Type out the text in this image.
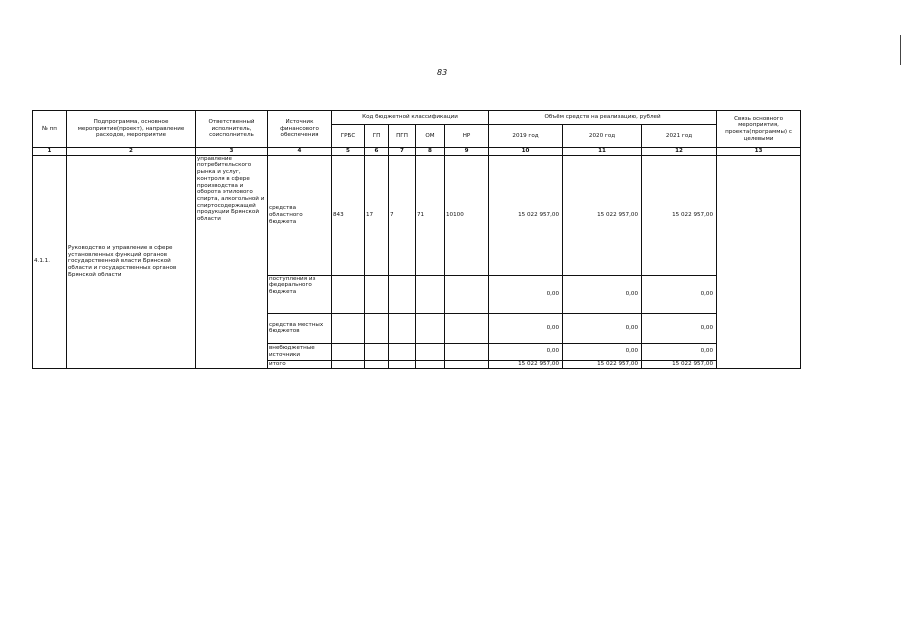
83
№ пп	Подпрограмма, основное мероприятие(проект), направление расходов, мероприятие	Ответственный исполнитель, соисполнитель	Источник финансового обеспечения	Код бюджетной классификации					Объём средств на реализацию, рублей			Связь основного мероприятия, проекта(программы) с целевыми
				ГРБС	ГП	ПГП	ОМ	НР	2019 год	2020 год	2021 год	
1	2	3	4	5	6	7	8	9	10	11	12	13
4.1.1.	Руководство и управление в сфере установленных функций органов государственной власти Брянской области и государственных органов Брянской области	управление потребительского рынка и услуг, контроля в сфере производства и оборота этилового спирта, алкогольной и спиртосодержащей продукции Брянской области	средства областного бюджета	843	17	7	71	10100	15 022 957,00	15 022 957,00	15 022 957,00	
			поступления из федерального бюджета						0,00	0,00	0,00	
			средства местных бюджетов						0,00	0,00	0,00	
			внебюджетные источники						0,00	0,00	0,00	
			итого						15 022 957,00	15 022 957,00	15 022 957,00	
